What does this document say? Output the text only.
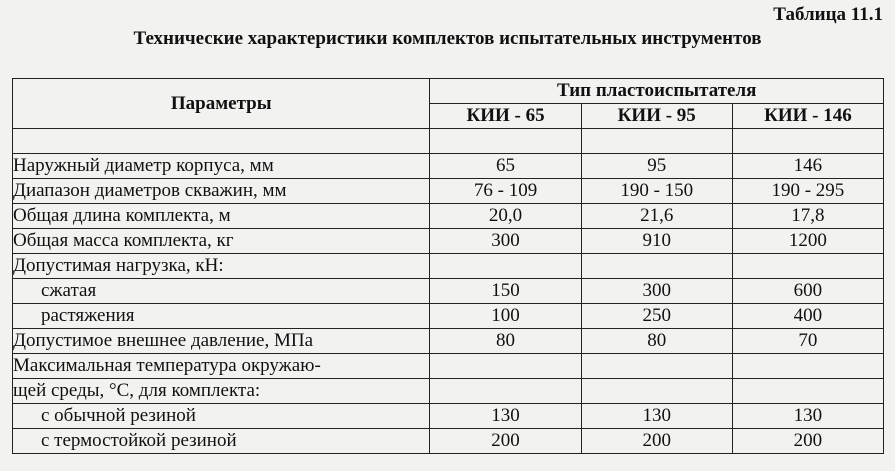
Таблица 11.1
Технические характеристики комплектов испытательных инструментов
Параметры	Тип пластоиспытателя		
	КИИ - 65	КИИ - 95	КИИ - 146

Наружный диаметр корпуса, мм	65	95	146
Диапазон диаметров скважин, мм	76 - 109	190 - 150	190 - 295
Общая длина комплекта, м	20,0	21,6	17,8
Общая масса комплекта, кг	300	910	1200
Допустимая нагрузка, кН:			
сжатая	150	300	600
растяжения	100	250	400
Допустимое внешнее давление, МПа	80	80	70
Максимальная температура окружаю-			
щей среды, °С, для комплекта:			
с обычной резиной	130	130	130
с термостойкой резиной	200	200	200
